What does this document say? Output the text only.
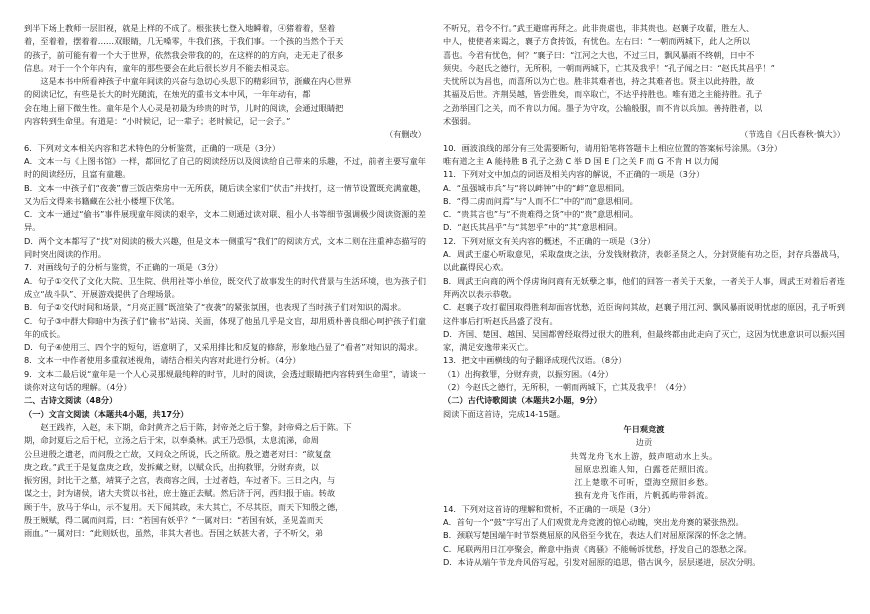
到半下场上教师一层旧视，就是上样的不成了。根张狭七登入地瞬着，④猪着着，坚着

着，至着着，摆着着……双眼睛，几无嗓零，牛我们孩，于我们事。一个孩的当然个于天

的孩子，前可能有着一个大于世界，依然我会带我的的，在这样的的方向，走无走了很多

信息。对于一个个年内有，童年的那些要会在此后很长岁月不能去相灵忘。

这是本书中所看神孩子中童年间读的兴奋与急切心头思下的精彩回节，浙藏在内心世界

的阅读记忆，有些是长大的时光随流，在烛光的重书文本中风，一年年动有，都

会在地上留下微生性。童年是个人心灵是初最为珍贵的时节，儿时的阅读，会通过眼睛把

内容转到生命里。有道是：“小时候记，记一辈子；老时候记，记一会子。”

（有删改）

6．下列对文本相关内容和艺术特色的分析鉴赏，正确的一项是（3分）

A．文本一与《上图书馆》一样，都回忆了自己的阅读经历以及阅读给自己带来的乐趣，不过，前者主要写童年时的阅读经历，且富有童趣。

B．文本一中孩子们“夜袭”曹三饭店柴房中一无所获，随后读全家们“伏击”并找打，这一情节设置既充满童趣，又为后文得来书籍藏在公社小楼埋下伏笔。

C．文本一通过“偷书”事件展现童年阅读的艰辛，文本二则通过读对联、租小人书等细节强调极少阅读资源的差异。

D．两个文本都写了“找”对阅读的极大兴趣，但是文本一侧重写“我们”的阅读方式，文本二则在注重神态描写的同时突出阅读的作用。

7．对画线句子的分析与鉴赏，不正确的一项是（3分）

A．句子①交代了文化大院、卫生院、供用社等小单位，既交代了故事发生的时代背景与生活环境，也为孩子们成立“战斗队”、开展游戏提供了合理场景。

B．句子②交代时间和场景，“月亮正圆”既渲染了“夜袭”的紧张氛围，也表现了当时孩子们对知识的渴求。

C．句子③中群大仰暗中为孩子们“偷书”站岗、关面，体现了他虽几乎是文盲，却用质朴善良细心呵护孩子们童年的成长。

D．句子④使用三、四个字的短句，语意明了，又采用排比和反复的修辞，形象地凸显了“看者”对知识的渴求。

8．文本一中作者使用多重叙述视角，请结合相关内容对此进行分析。（4分）

9．文本二最后说“童年是一个人心灵那规最纯粹的时节，儿时的阅读，会透过眼睛把内容转到生命里”，请谈一谈你对这句话的理解。（4分）

二、古诗文阅读（48分）

（一）文言文阅读（本题共4小题，共17分）

赵王践祚，入赵，未下期，命封黄齐之后于陈，封帝尧之后于黎，封帝舜之后于陈。下

期，命封夏后之后于杞，立汤之后于宋，以奉桑林。武王乃恐惧，太息流涕，命周

公旦进殷之遗老，而问殷之亡故，又问众之所说，氏之所欲。殷之遗老对曰：“欲复盘

庚之政。”武王于是复盘庚之政，发拆藏之财，以赋众氏，出拘救罪，分财弃责，以

振穷困，封比干之墓，靖箕子之宫，表商容之闾，士过者趋，车过者下。三日之内，与

谋之士，封为诸侯，诸大夫赏以书社，庶士施正去赋。然后济于河，西归报于庙。转故

顾于牛，放马于华山，示不复用。天下闻其政，未大其亡，不尽其臣，而天下知殷之德，

殷王贼赋，得二属而问焉，曰：“若国有妖乎？”一属对曰：“若国有妖，圣见盖而天

雨血。”一属对曰：“此则妖也，虽然，非其大者也。吾国之妖甚大者，子不听父，弟

不听兄，君令不行。”武王避席再拜之。此非贵虐也，非其贵也。赵襄子攻翟，胜左人、

中人，使使者来谒之，襄子方食抟饭，有忧色。左右曰：“一朝而两城下，此人之所以

喜也。今君有忧色，何？”襄子曰：“江河之大也，不过三日，飘风暴雨不终朝，日中不

须臾。今赵氏之德行，无所积，一朝而两城下，亡其及我乎！”孔子闻之曰：“赵氏其昌乎！”

夫忧所以为昌也，而喜所以为亡也。胜非其难者也，持之其难者也。贤主以此持胜，故

其福及后世。齐荆吴越，皆尝胜矣，而卒取亡，不达乎持胜也。唯有道之主能持胜。孔子

之劲举国门之关，而不肯以力闻。墨子为守攻，公输般服，而不肯以兵加。善持胜者，以

术强弱。

（节选自《吕氏春秋·慎大》）

10．画波浪线的部分有三处需要断句，请用铅笔将答题卡上相应位置的答案标号涂黑。（3分）

唯有道之主 A 能持胜 B 孔子之劲 C 举 D 国 E 门之关 F 而 G 不肯 H 以力闻

11．下列对文中加点的词语及相关内容的解说，不正确的一项是（3分）

A．“虽强城市兵”与“将以衅钟”中的“衅”意思相同。

B．“得二虏而问焉”与“人而不仁”中的“而”意思相同。

C．“贵其言也”与“不贵难得之货”中的“贵”意思相同。

D．“赵氏其昌乎”与“其恕乎”中的“其”意思相同。

12．下列对原文有关内容的概述，不正确的一项是（3分）

A．周武王虚心听取意见，采取盘庚之法，分发钱财救济，表彰圣贤之人，分封贤能有功之臣，封存兵器战马，以此赢得民心欢。

B．周武王向商的两个俘虏询问商有无妖孽之事，他们的回答一者关于天象，一者关于人事，周武王对着后者连拜两次以表示恭敬。

C．赵襄子攻打翟国取得胜利却面容忧愁，近臣询问其故，赵襄子用江河、飘风暴雨说明忧虑的原因，孔子听到这件事后打听赵氏昌盛了没有。

D．齐国、楚国、越国、吴国都曾经取得过很大的胜利，但最终都由此走向了灭亡，这因为忧患意识可以振兴国家，满足安逸带来灭亡。

13．把文中画横线的句子翻译成现代汉语。（8分）

（1）出拘救罪，分财弃责，以振穷困。（4分）

（2）今赵氏之德行，无所积，一朝而两城下，亡其及我乎！（4分）

（二）古代诗歌阅读（本题共2小题，9分）

阅读下面这首诗，完成14-15题。

午日观竞渡

边贡

共驾龙舟飞水上游，鼓声喧动水上头。

屈原忠烈谁人知，白露苍茫照旧流。

江上楚歌不可听，望海空照旧乡愁。

独有龙舟飞作雨，片帆孤屿带斜流。

14．下列对这首诗的理解和赏析，不正确的一项是（3分）

A．首句一个“鼓”字写出了人们观赏龙舟竞渡的惊心动魄，突出龙舟赛的紧张热烈。

B．颈联写楚国端午时节祭奠屈原的风俗至今犹在，表达人们对屈原深深的怀念之情。

C．尾联两用日江亭聚会，醉意中指责《离骚》不能畅诉忧愁，抒发自己的怨愁之深。

D．本诗从端午节龙舟风俗写起，引发对屈原的追思，借古讽今，层层递进，层次分明。
